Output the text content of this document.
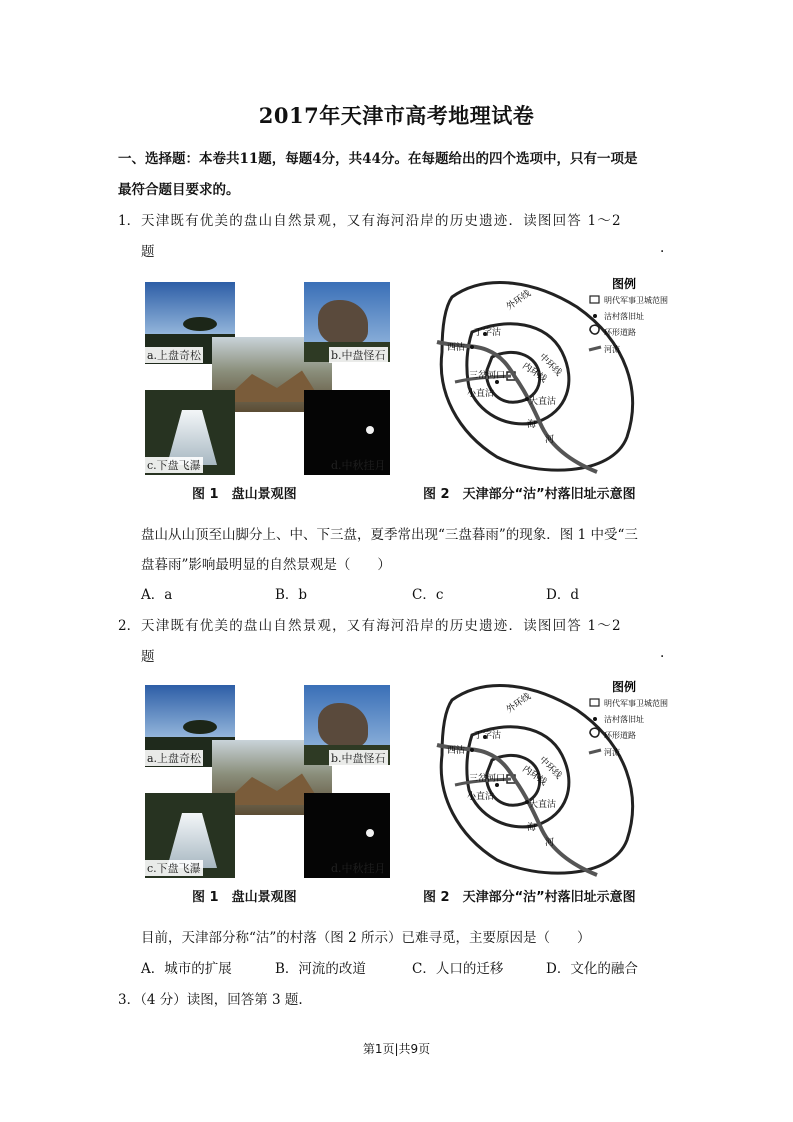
2017年天津市高考地理试卷
一、选择题：本卷共11题，每题4分，共44分。在每题给出的四个选项中，只有一项是
最符合题目要求的。
1． 天津既有优美的盘山自然景观，又有海河沿岸的历史遗迹．读图回答 1～2
题	.
a.上盘奇松	b.中盘怪石
c.下盘飞瀑	d.中秋挂月
外环线
丁字沽
西沽
中环线
内环线
三岔河口
小直沽
大直沽
海
河
图例
明代军事卫城范围
沽村落旧址
环形道路
河流
图 1　盘山景观图	图 2　天津部分“沽”村落旧址示意图
盘山从山顶至山脚分上、中、下三盘，夏季常出现“三盘暮雨”的现象．图 1 中受“三
盘暮雨”影响最明显的自然景观是（　　）
A．a	B．b	C．c	D．d
2． 天津既有优美的盘山自然景观，又有海河沿岸的历史遗迹．读图回答 1～2
题	.
a.上盘奇松	b.中盘怪石
c.下盘飞瀑	d.中秋挂月
外环线
丁字沽
西沽
中环线
内环线
三岔河口
小直沽
大直沽
海
河
图例
明代军事卫城范围
沽村落旧址
环形道路
河流
图 1　盘山景观图	图 2　天津部分“沽”村落旧址示意图
目前，天津部分称“沽”的村落（图 2 所示）已难寻觅，主要原因是（　　）
A．城市的扩展	B．河流的改道	C．人口的迁移	D．文化的融合
3．（4 分）读图，回答第 3 题.
第1页|共9页
